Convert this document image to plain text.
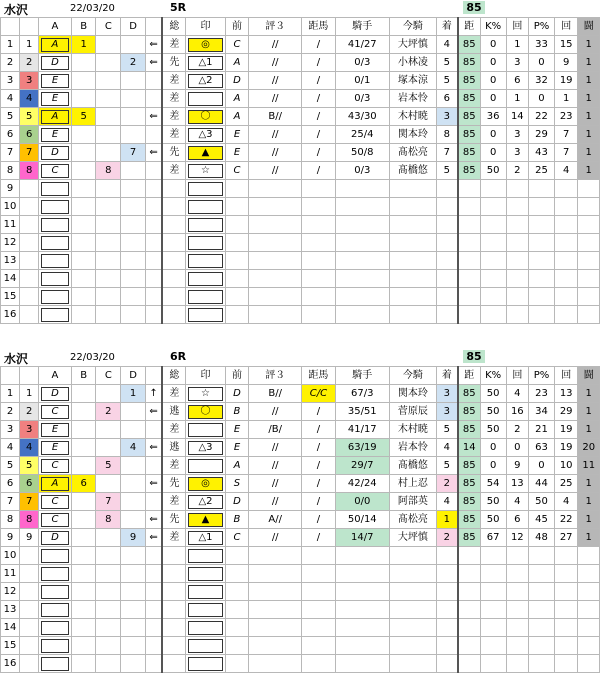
水沢	22/03/20	5R	85
		A	B	C	D		総	印	前	評３	距馬	騎手	今騎	着	距	K%	回	P%	回	闘
1	1	A	1			⇐	差	◎	C	//	/	41/27	大坪慎	4	85	0	1	33	15	1
2	2	D			2	⇐	先	△1	A	//	/	0/3	小林凌	5	85	0	3	0	9	1
3	3	E					差	△2	D	//	/	0/1	塚本涼	5	85	0	6	32	19	1
4	4	E					差		A	//	/	0/3	岩本怜	6	85	0	1	0	1	1
5	5	A	5			⇐	差	〇	A	B//	/	43/30	木村暁	3	85	36	14	22	23	1
6	6	E					差	△3	E	//	/	25/4	関本玲	8	85	0	3	29	7	1
7	7	D			7	⇐	先	▲	E	//	/	50/8	髙松亮	7	85	0	3	43	7	1
8	8	C		8			差	☆	C	//	/	0/3	髙橋悠	5	85	50	2	25	4	1
9		

10		

11		

12		

13		

14		

15		

16		

水沢	22/03/20	6R	85
		A	B	C	D		総	印	前	評３	距馬	騎手	今騎	着	距	K%	回	P%	回	闘
1	1	D			1	↑	差	☆	D	B//	C/C	67/3	関本玲	3	85	50	4	23	13	1
2	2	C		2		⇐	逃	〇	B	//	/	35/51	菅原辰	3	85	50	16	34	29	1
3	3	E					差		E	/B/	/	41/17	木村暁	5	85	50	2	21	19	1
4	4	E			4	⇐	逃	△3	E	//	/	63/19	岩本怜	4	14	0	0	63	19	20
5	5	C		5			差		A	//	/	29/7	髙橋悠	5	85	0	9	0	10	11
6	6	A	6			⇐	先	◎	S	//	/	42/24	村上忍	2	85	54	13	44	25	1
7	7	C		7			差	△2	D	//	/	0/0	阿部英	4	85	50	4	50	4	1
8	8	C		8		⇐	先	▲	B	A//	/	50/14	髙松亮	1	85	50	6	45	22	1
9	9	D			9	⇐	差	△1	C	//	/	14/7	大坪慎	2	85	67	12	48	27	1
10		

11		

12		

13		

14		

15		

16		
